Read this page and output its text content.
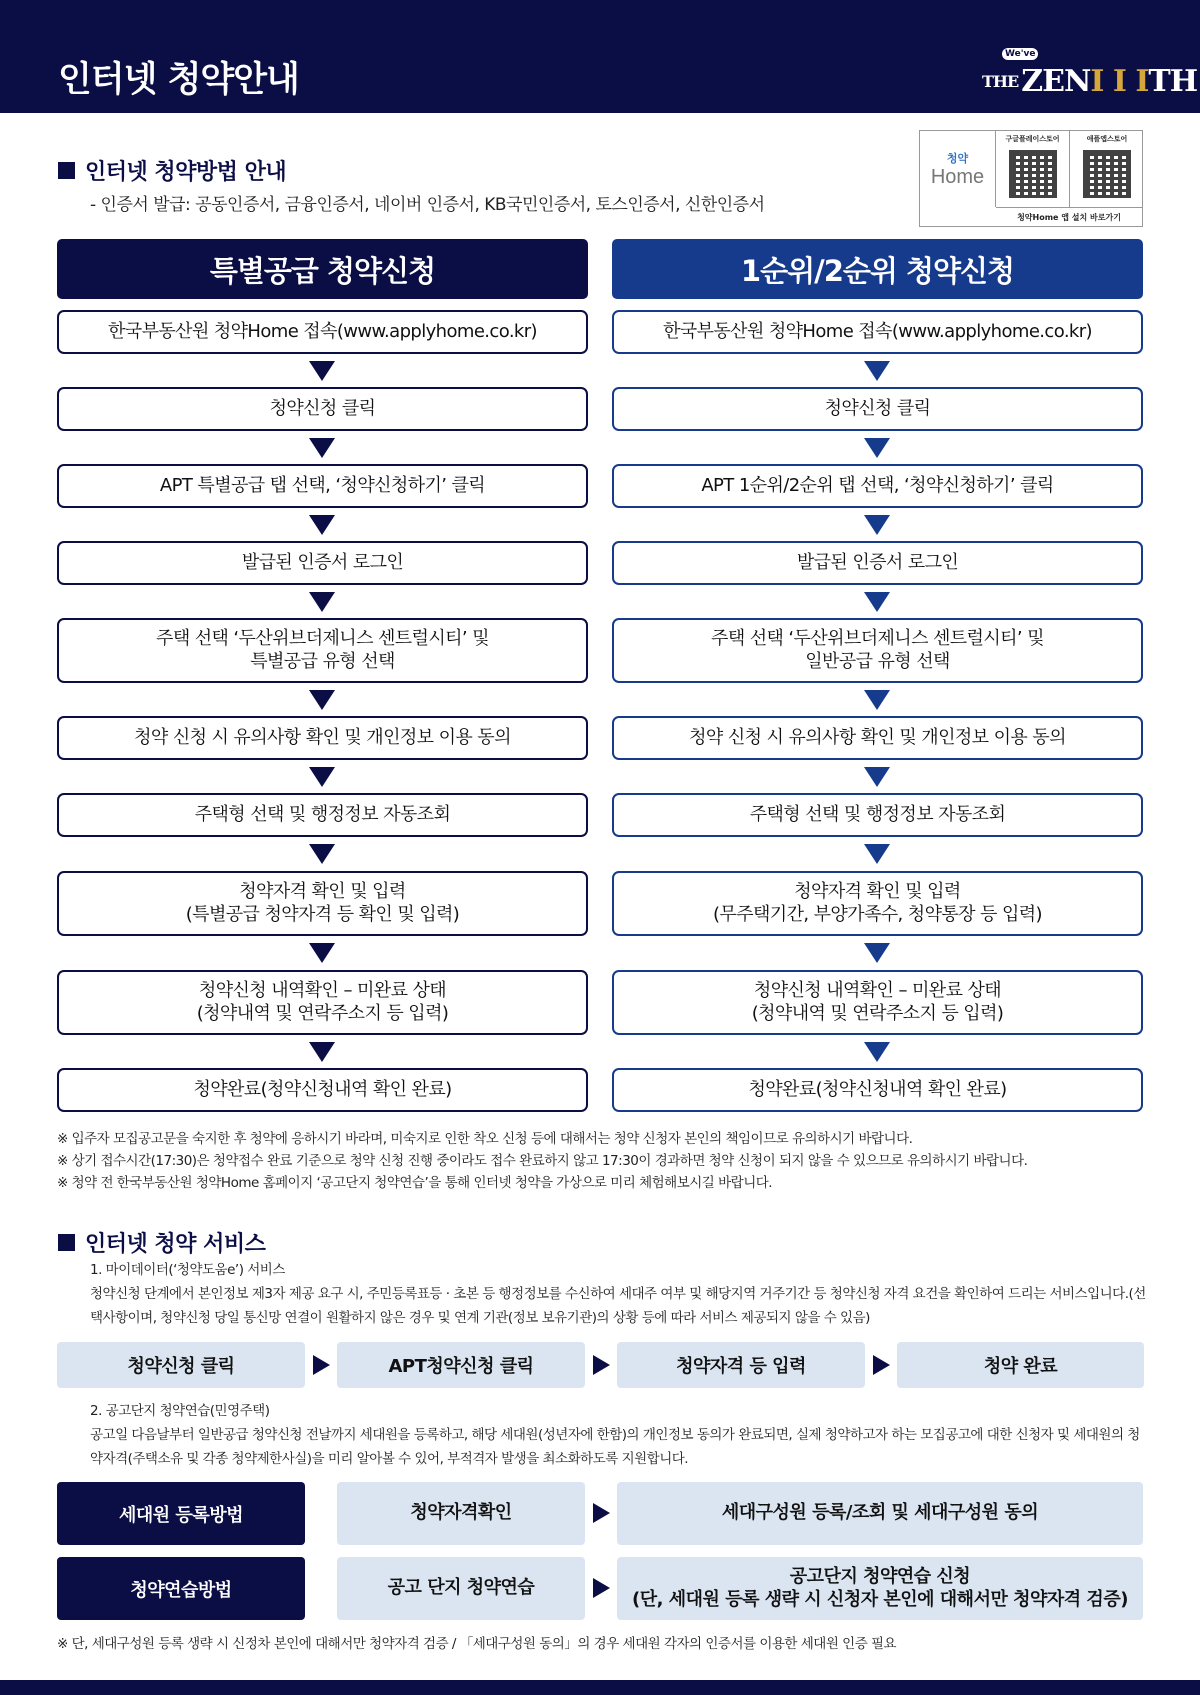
인터넷 청약안내
We've
THE ZENI I ITH
인터넷 청약방법 안내
- 인증서 발급: 공동인증서, 금융인증서, 네이버 인증서, KB국민인증서, 토스인증서, 신한인증서
청약
Home
구글플레이스토어	애플앱스토어
청약Home 앱 설치 바로가기
특별공급 청약신청	1순위/2순위 청약신청
한국부동산원 청약Home 접속(www.applyhome.co.kr)
청약신청 클릭
APT 특별공급 탭 선택, ‘청약신청하기’ 클릭
발급된 인증서 로그인
주택 선택 ‘두산위브더제니스 센트럴시티’ 및
특별공급 유형 선택
청약 신청 시 유의사항 확인 및 개인정보 이용 동의
주택형 선택 및 행정정보 자동조회
청약자격 확인 및 입력
(특별공급 청약자격 등 확인 및 입력)
청약신청 내역확인 – 미완료 상태
(청약내역 및 연락주소지 등 입력)
청약완료(청약신청내역 확인 완료)
한국부동산원 청약Home 접속(www.applyhome.co.kr)
청약신청 클릭
APT 1순위/2순위 탭 선택, ‘청약신청하기’ 클릭
발급된 인증서 로그인
주택 선택 ‘두산위브더제니스 센트럴시티’ 및
일반공급 유형 선택
청약 신청 시 유의사항 확인 및 개인정보 이용 동의
주택형 선택 및 행정정보 자동조회
청약자격 확인 및 입력
(무주택기간, 부양가족수, 청약통장 등 입력)
청약신청 내역확인 – 미완료 상태
(청약내역 및 연락주소지 등 입력)
청약완료(청약신청내역 확인 완료)
※ 입주자 모집공고문을 숙지한 후 청약에 응하시기 바라며, 미숙지로 인한 착오 신청 등에 대해서는 청약 신청자 본인의 책임이므로 유의하시기 바랍니다.
※ 상기 접수시간(17:30)은 청약접수 완료 기준으로 청약 신청 진행 중이라도 접수 완료하지 않고 17:30이 경과하면 청약 신청이 되지 않을 수 있으므로 유의하시기 바랍니다.
※ 청약 전 한국부동산원 청약Home 홈페이지 ‘공고단지 청약연습’을 통해 인터넷 청약을 가상으로 미리 체험해보시길 바랍니다.
인터넷 청약 서비스
1. 마이데이터(‘청약도움e’) 서비스
청약신청 단계에서 본인정보 제3자 제공 요구 시, 주민등록표등 · 초본 등 행정정보를 수신하여 세대주 여부 및 해당지역 거주기간 등 청약신청 자격 요건을 확인하여 드리는 서비스입니다.(선택사항이며, 청약신청 당일 통신망 연결이 원활하지 않은 경우 및 연계 기관(정보 보유기관)의 상황 등에 따라 서비스 제공되지 않을 수 있음)
청약신청 클릭	APT청약신청 클릭	청약자격 등 입력	청약 완료
2. 공고단지 청약연습(민영주택)
공고일 다음날부터 일반공급 청약신청 전날까지 세대원을 등록하고, 해당 세대원(성년자에 한함)의 개인정보 동의가 완료되면, 실제 청약하고자 하는 모집공고에 대한 신청자 및 세대원의 청약자격(주택소유 및 각종 청약제한사실)을 미리 알아볼 수 있어, 부적격자 발생을 최소화하도록 지원합니다.
세대원 등록방법	청약자격확인	세대구성원 등록/조회 및 세대구성원 동의
청약연습방법	공고 단지 청약연습
공고단지 청약연습 신청
(단, 세대원 등록 생략 시 신청자 본인에 대해서만 청약자격 검증)
※ 단, 세대구성원 등록 생략 시 신정차 본인에 대해서만 청약자격 검증 / 「세대구성원 동의」의 경우 세대원 각자의 인증서를 이용한 세대원 인증 필요
